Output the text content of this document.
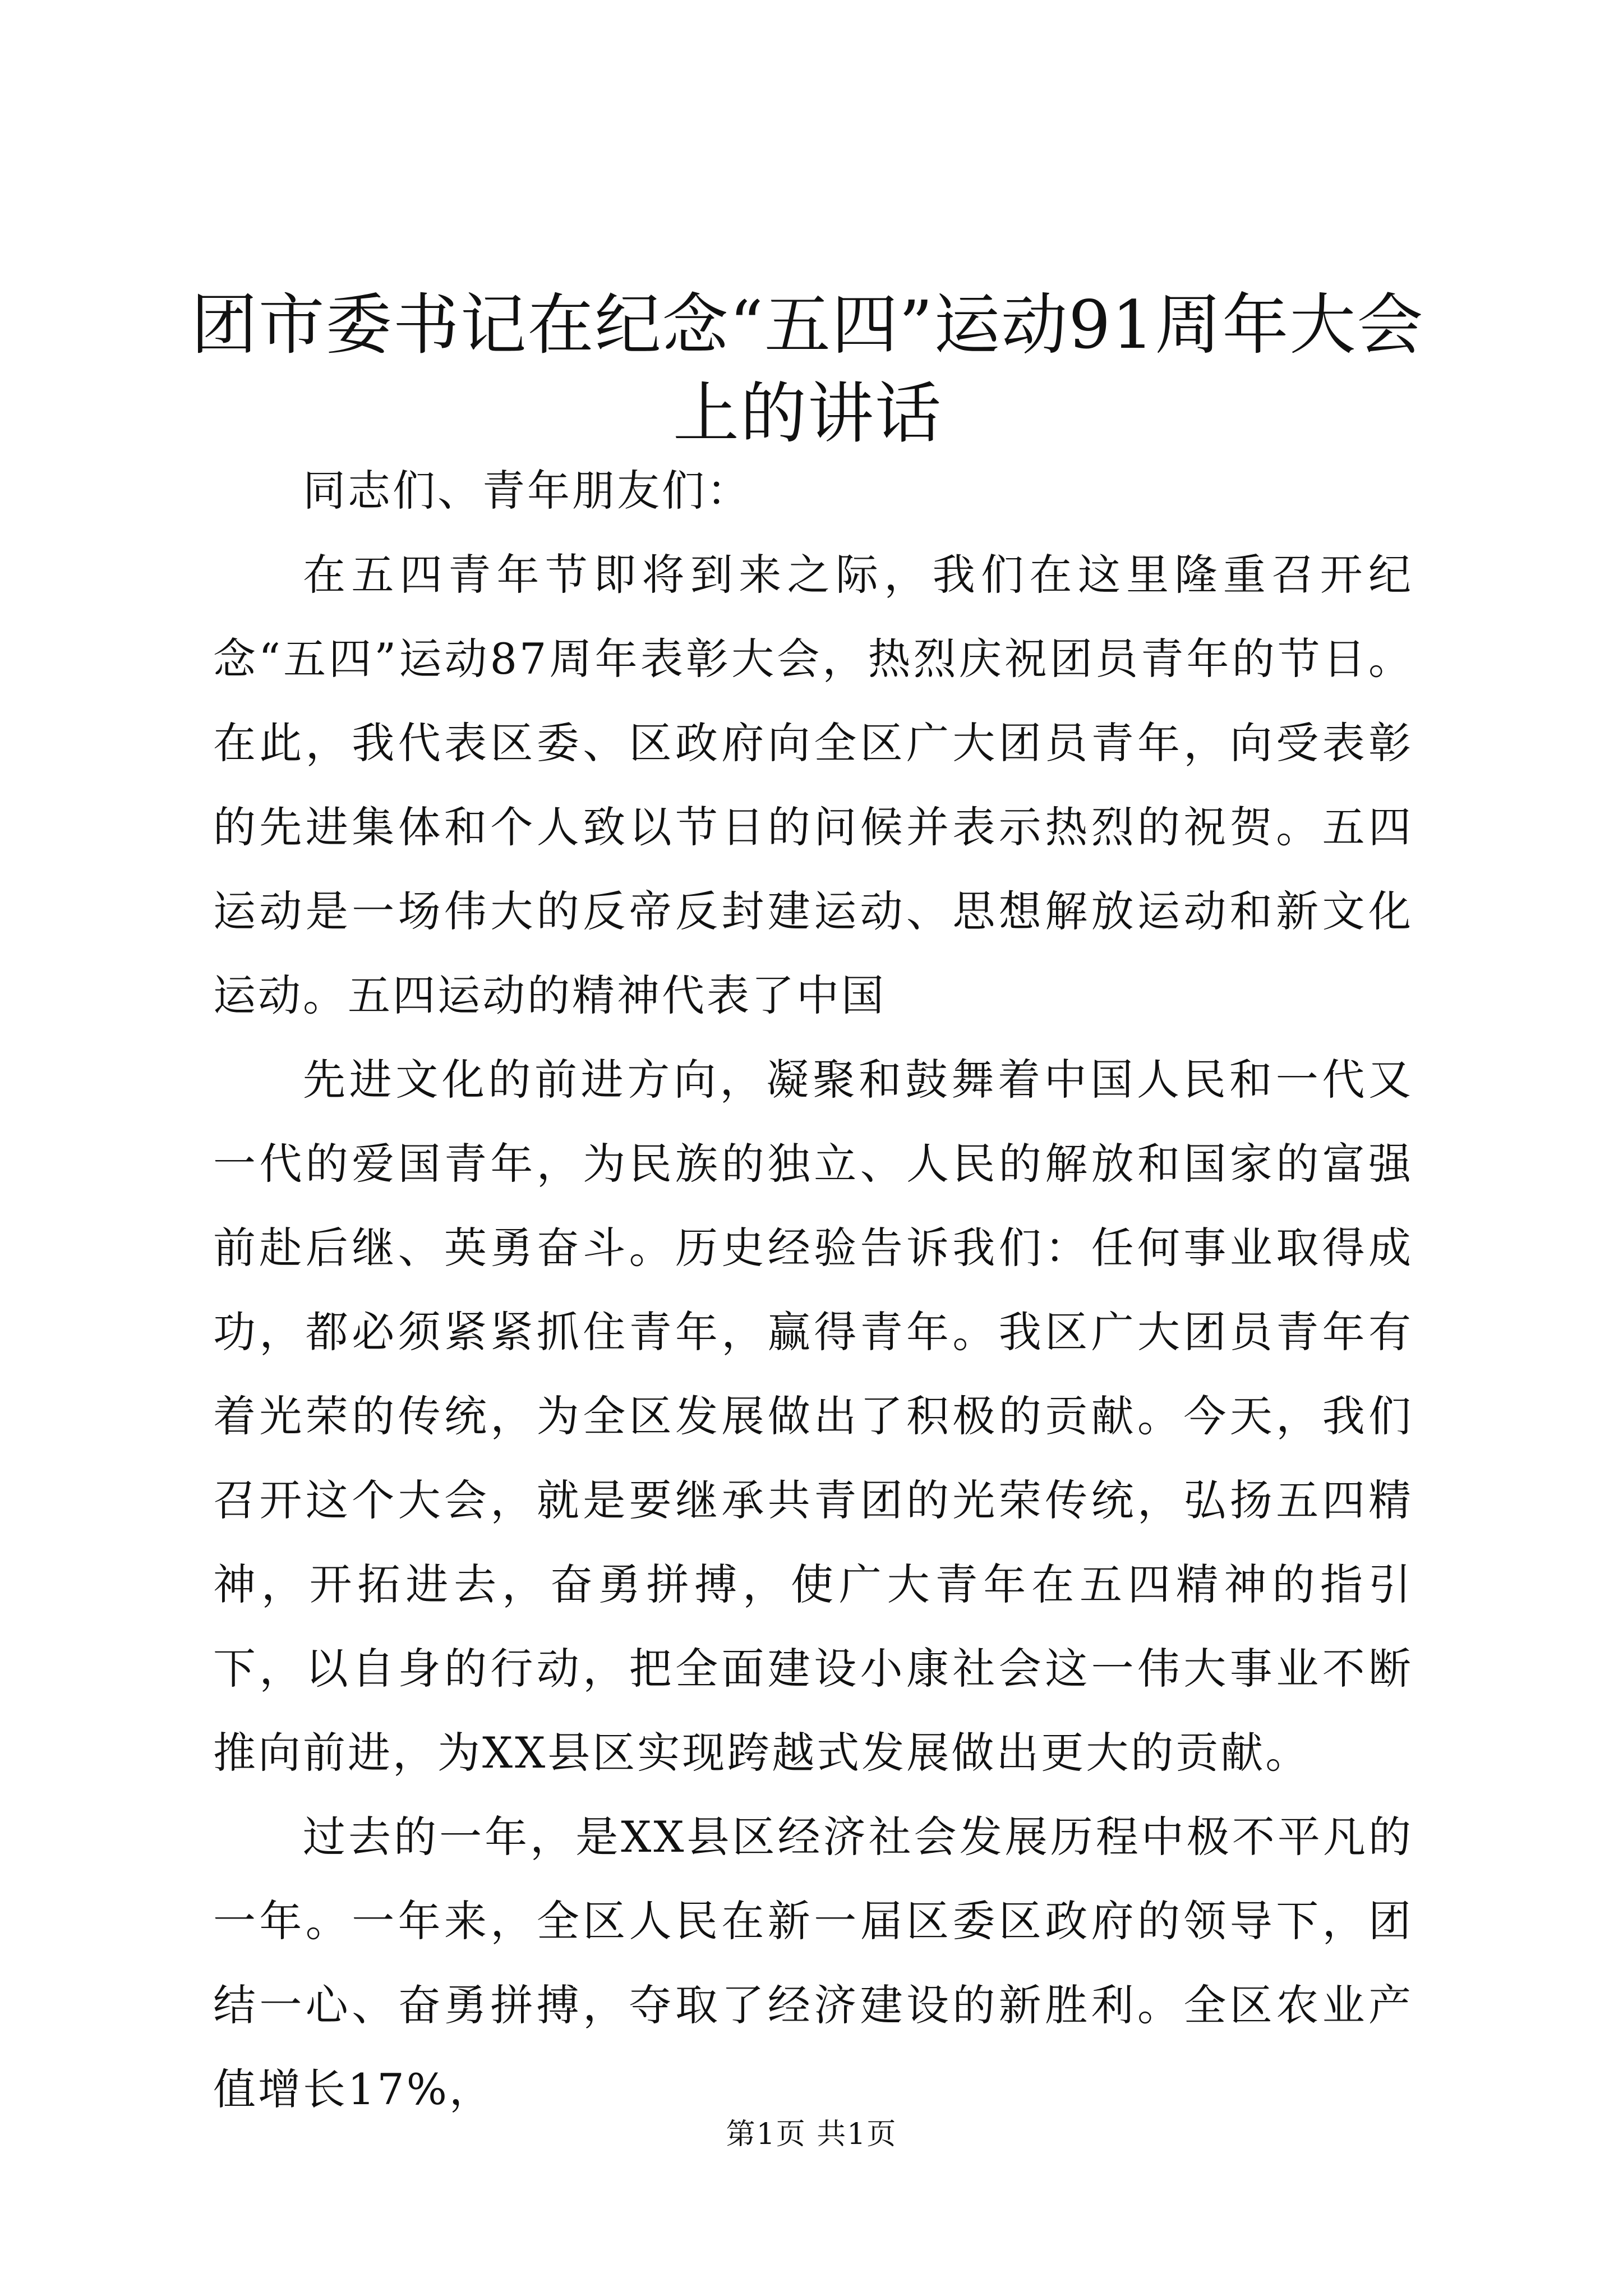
团市委书记在纪念“五四”运动91周年大会上的讲话

同志们、青年朋友们：

在五四青年节即将到来之际，我们在这里隆重召开纪念“五四”运动87周年表彰大会，热烈庆祝团员青年的节日。在此，我代表区委、区政府向全区广大团员青年，向受表彰的先进集体和个人致以节日的问候并表示热烈的祝贺。五四运动是一场伟大的反帝反封建运动、思想解放运动和新文化运动。五四运动的精神代表了中国

先进文化的前进方向，凝聚和鼓舞着中国人民和一代又一代的爱国青年，为民族的独立、人民的解放和国家的富强前赴后继、英勇奋斗。历史经验告诉我们：任何事业取得成功，都必须紧紧抓住青年，赢得青年。我区广大团员青年有着光荣的传统，为全区发展做出了积极的贡献。今天，我们召开这个大会，就是要继承共青团的光荣传统，弘扬五四精神，开拓进去，奋勇拼搏，使广大青年在五四精神的指引下，以自身的行动，把全面建设小康社会这一伟大事业不断推向前进，为XX县区实现跨越式发展做出更大的贡献。

过去的一年，是XX县区经济社会发展历程中极不平凡的一年。一年来，全区人民在新一届区委区政府的领导下，团结一心、奋勇拼搏，夺取了经济建设的新胜利。全区农业产值增长17%，

第1页 共1页
